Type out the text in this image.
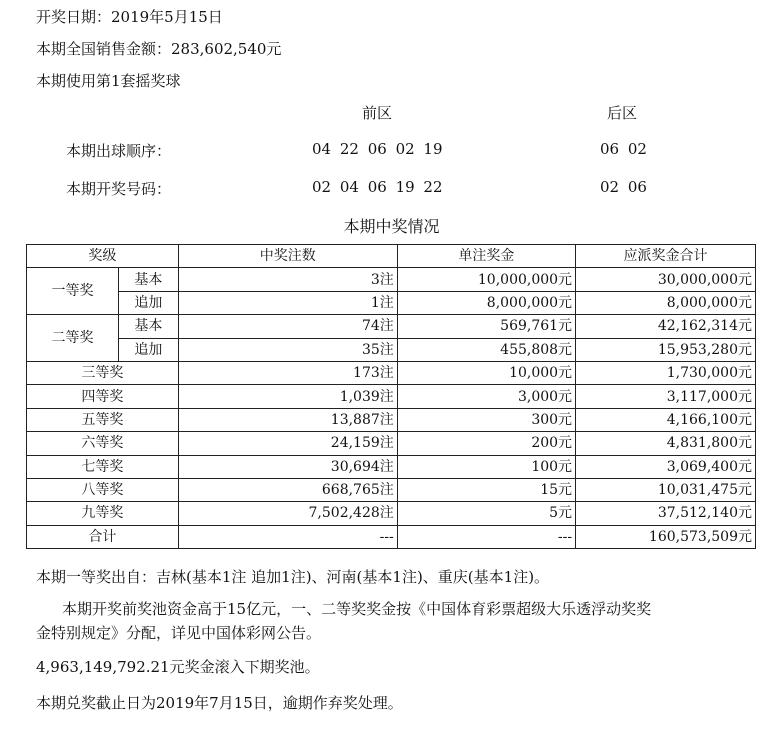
开奖日期：2019年5月15日
本期全国销售金额：283,602,540元
本期使用第1套摇奖球
前区	后区
本期出球顺序：	04 22 06 02 19	06 02
本期开奖号码：	02 04 06 19 22	02 06
本期中奖情况
奖级		中奖注数	单注奖金	应派奖金合计
一等奖	基本	3注	10,000,000元	30,000,000元
	追加	1注	8,000,000元	8,000,000元
二等奖	基本	74注	569,761元	42,162,314元
	追加	35注	455,808元	15,953,280元
三等奖		173注	10,000元	1,730,000元
四等奖		1,039注	3,000元	3,117,000元
五等奖		13,887注	300元	4,166,100元
六等奖		24,159注	200元	4,831,800元
七等奖		30,694注	100元	3,069,400元
八等奖		668,765注	15元	10,031,475元
九等奖		7,502,428注	5元	37,512,140元
合计		---	---	160,573,509元
本期一等奖出自：吉林(基本1注 追加1注)、河南(基本1注)、重庆(基本1注)。
本期开奖前奖池资金高于15亿元，一、二等奖奖金按《中国体育彩票超级大乐透浮动奖奖
金特别规定》分配，详见中国体彩网公告。
4,963,149,792.21元奖金滚入下期奖池。
本期兑奖截止日为2019年7月15日，逾期作弃奖处理。
